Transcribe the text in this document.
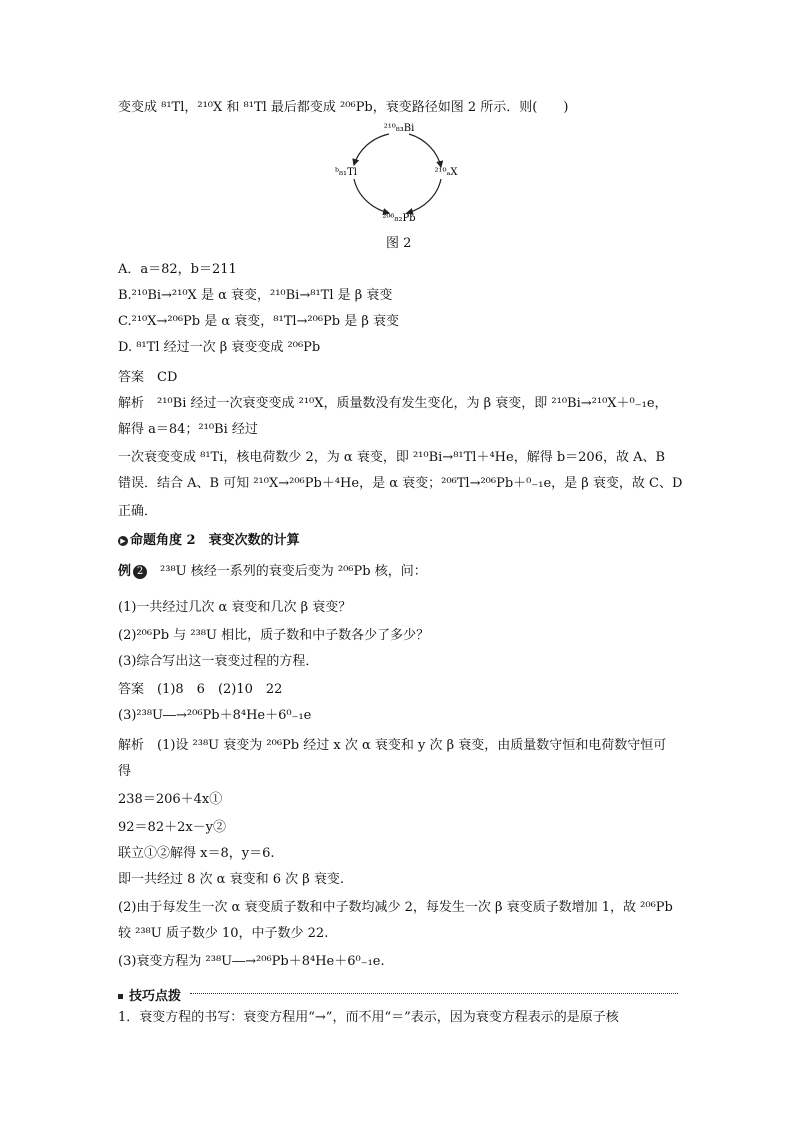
变变成 ⁸¹Tl，²¹⁰X 和 ⁸¹Tl 最后都变成 ²⁰⁶Pb，衰变路径如图 2 所示．则(　　)
²¹⁰₈₃Bi
ᵇ₈₁Tl	²¹⁰ₐX
²⁰⁶₈₂Pb
图 2
A．a＝82，b＝211
B.²¹⁰Bi→²¹⁰X 是 α 衰变，²¹⁰Bi→⁸¹Tl 是 β 衰变
C.²¹⁰X→²⁰⁶Pb 是 α 衰变，⁸¹Tl→²⁰⁶Pb 是 β 衰变
D. ⁸¹Tl 经过一次 β 衰变变成 ²⁰⁶Pb
答案　CD
解析　²¹⁰Bi 经过一次衰变变成 ²¹⁰X，质量数没有发生变化，为 β 衰变，即 ²¹⁰Bi→²¹⁰X＋⁰₋₁e，
解得 a＝84；²¹⁰Bi 经过
一次衰变变成 ⁸¹Ti，核电荷数少 2，为 α 衰变，即 ²¹⁰Bi→⁸¹Tl＋⁴He，解得 b＝206，故 A、B
错误．结合 A、B 可知 ²¹⁰X→²⁰⁶Pb＋⁴He，是 α 衰变；²⁰⁶Tl→²⁰⁶Pb＋⁰₋₁e，是 β 衰变，故 C、D
正确．
▶ 命题角度 2　衰变次数的计算
例 2　²³⁸U 核经一系列的衰变后变为 ²⁰⁶Pb 核，问：
(1)一共经过几次 α 衰变和几次 β 衰变？
(2)²⁰⁶Pb 与 ²³⁸U 相比，质子数和中子数各少了多少？
(3)综合写出这一衰变过程的方程．
答案　(1)8　6　(2)10　22
(3)²³⁸U―→²⁰⁶Pb＋8⁴He＋6⁰₋₁e
解析　(1)设 ²³⁸U 衰变为 ²⁰⁶Pb 经过 x 次 α 衰变和 y 次 β 衰变，由质量数守恒和电荷数守恒可
得
238＝206＋4x①
92＝82＋2x－y②
联立①②解得 x＝8，y＝6.
即一共经过 8 次 α 衰变和 6 次 β 衰变.
(2)由于每发生一次 α 衰变质子数和中子数均减少 2，每发生一次 β 衰变质子数增加 1，故 ²⁰⁶Pb
较 ²³⁸U 质子数少 10，中子数少 22.
(3)衰变方程为 ²³⁸U―→²⁰⁶Pb＋8⁴He＋6⁰₋₁e.
技巧点拨
1．衰变方程的书写：衰变方程用“→”，而不用“＝”表示，因为衰变方程表示的是原子核
